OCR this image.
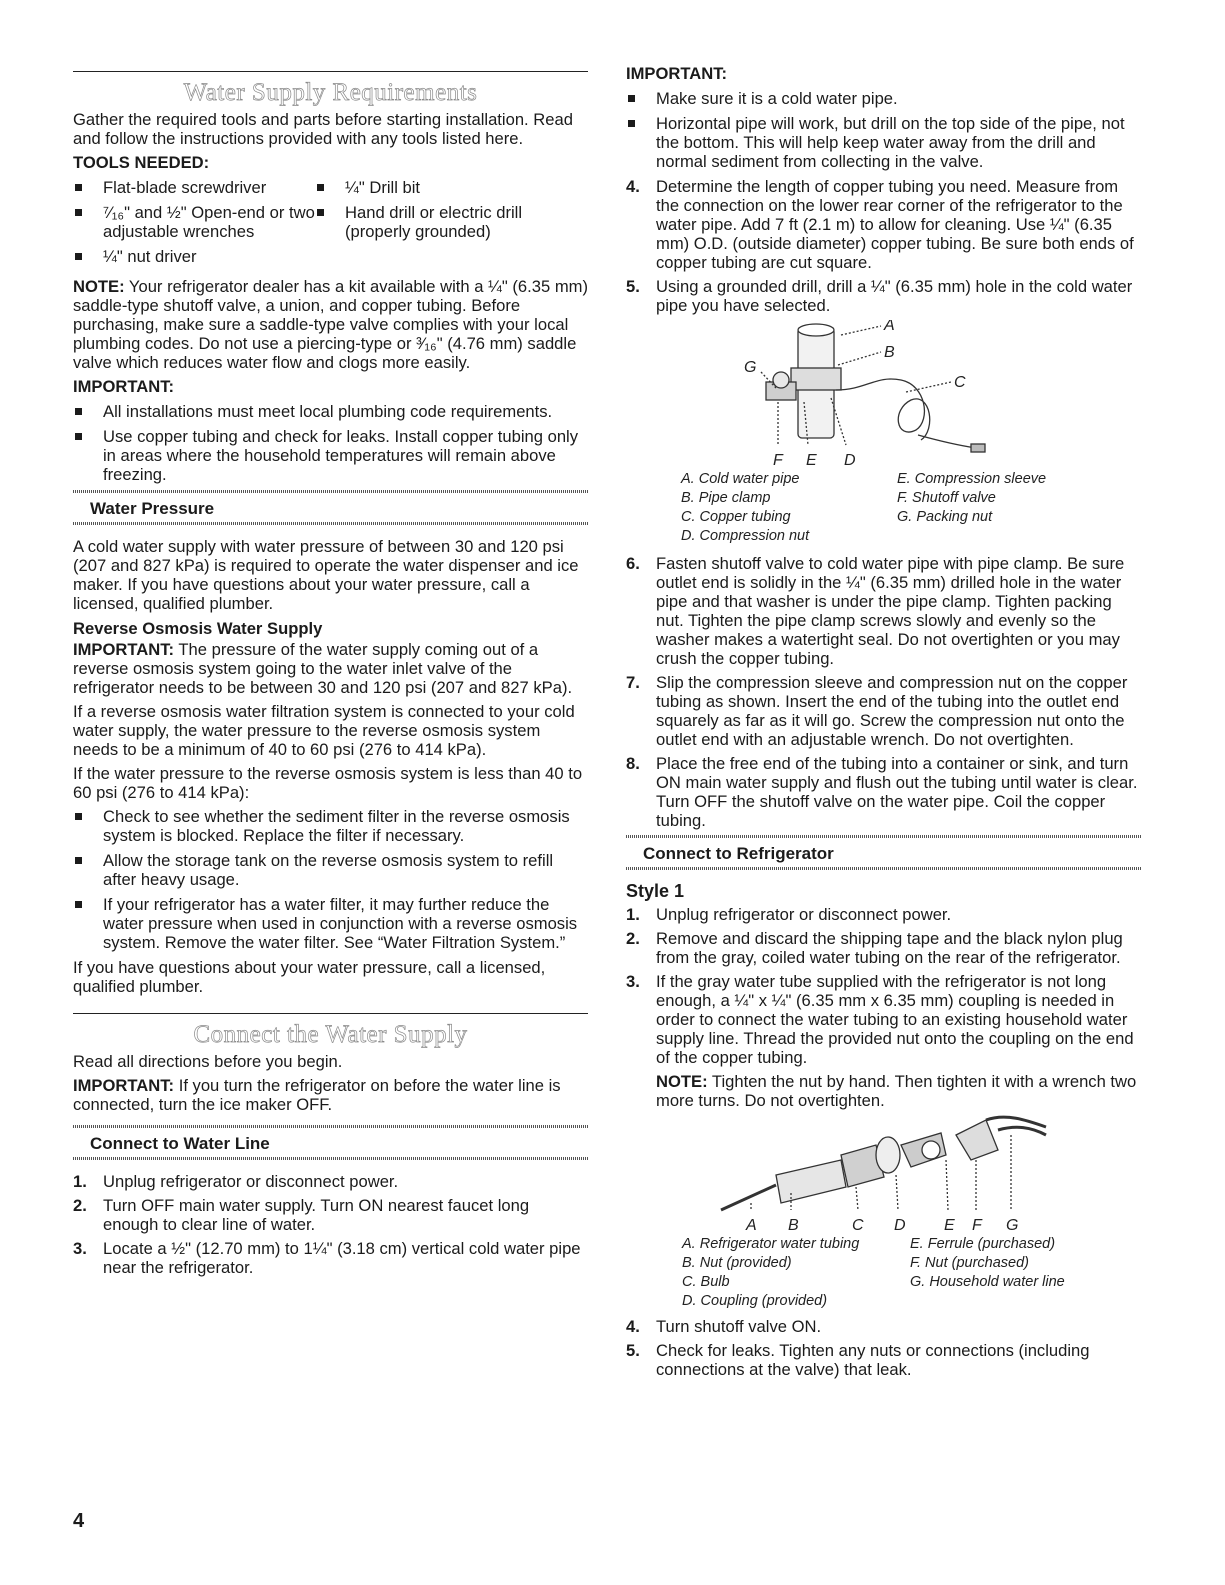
Water Supply Requirements

Gather the required tools and parts before starting installation. Read and follow the instructions provided with any tools listed here.

TOOLS NEEDED:
Flat-blade screwdriver
⁷⁄₁₆" and ½" Open-end or two adjustable wrenches
¼" nut driver
¼" Drill bit
Hand drill or electric drill (properly grounded)

NOTE: Your refrigerator dealer has a kit available with a ¼" (6.35 mm) saddle-type shutoff valve, a union, and copper tubing. Before purchasing, make sure a saddle-type valve complies with your local plumbing codes. Do not use a piercing-type or ³⁄₁₆" (4.76 mm) saddle valve which reduces water flow and clogs more easily.

IMPORTANT:
All installations must meet local plumbing code requirements.
Use copper tubing and check for leaks. Install copper tubing only in areas where the household temperatures will remain above freezing.
Water Pressure

A cold water supply with water pressure of between 30 and 120 psi (207 and 827 kPa) is required to operate the water dispenser and ice maker. If you have questions about your water pressure, call a licensed, qualified plumber.

Reverse Osmosis Water Supply

IMPORTANT: The pressure of the water supply coming out of a reverse osmosis system going to the water inlet valve of the refrigerator needs to be between 30 and 120 psi (207 and 827 kPa).

If a reverse osmosis water filtration system is connected to your cold water supply, the water pressure to the reverse osmosis system needs to be a minimum of 40 to 60 psi (276 to 414 kPa).

If the water pressure to the reverse osmosis system is less than 40 to 60 psi (276 to 414 kPa):

Check to see whether the sediment filter in the reverse osmosis system is blocked. Replace the filter if necessary.
Allow the storage tank on the reverse osmosis system to refill after heavy usage.
If your refrigerator has a water filter, it may further reduce the water pressure when used in conjunction with a reverse osmosis system. Remove the water filter. See “Water Filtration System.”

If you have questions about your water pressure, call a licensed, qualified plumber.

Connect the Water Supply

Read all directions before you begin.

IMPORTANT: If you turn the refrigerator on before the water line is connected, turn the ice maker OFF.

Connect to Water Line
1. Unplug refrigerator or disconnect power.
2. Turn OFF main water supply. Turn ON nearest faucet long enough to clear line of water.
3. Locate a ½" (12.70 mm) to 1¼" (3.18 cm) vertical cold water pipe near the refrigerator.
4
IMPORTANT:
Make sure it is a cold water pipe.
Horizontal pipe will work, but drill on the top side of the pipe, not the bottom. This will help keep water away from the drill and normal sediment from collecting in the valve.
4. Determine the length of copper tubing you need. Measure from the connection on the lower rear corner of the refrigerator to the water pipe. Add 7 ft (2.1 m) to allow for cleaning. Use ¼" (6.35 mm) O.D. (outside diameter) copper tubing. Be sure both ends of copper tubing are cut square.
5. Using a grounded drill, drill a ¼" (6.35 mm) hole in the cold water pipe you have selected.
A
B
C
G
F E D
A. Cold water pipe
B. Pipe clamp
C. Copper tubing
D. Compression nut
E. Compression sleeve
F. Shutoff valve
G. Packing nut
6. Fasten shutoff valve to cold water pipe with pipe clamp. Be sure outlet end is solidly in the ¼" (6.35 mm) drilled hole in the water pipe and that washer is under the pipe clamp. Tighten packing nut. Tighten the pipe clamp screws slowly and evenly so the washer makes a watertight seal. Do not overtighten or you may crush the copper tubing.
7. Slip the compression sleeve and compression nut on the copper tubing as shown. Insert the end of the tubing into the outlet end squarely as far as it will go. Screw the compression nut onto the outlet end with an adjustable wrench. Do not overtighten.
8. Place the free end of the tubing into a container or sink, and turn ON main water supply and flush out the tubing until water is clear. Turn OFF the shutoff valve on the water pipe. Coil the copper tubing.
Connect to Refrigerator
Style 1
1. Unplug refrigerator or disconnect power.
2. Remove and discard the shipping tape and the black nylon plug from the gray, coiled water tubing on the rear of the refrigerator.
3. If the gray water tube supplied with the refrigerator is not long enough, a ¼" x ¼" (6.35 mm x 6.35 mm) coupling is needed in order to connect the water tubing to an existing household water supply line. Thread the provided nut onto the coupling on the end of the copper tubing.

NOTE: Tighten the nut by hand. Then tighten it with a wrench two more turns. Do not overtighten.

A B	C D E F G
A. Refrigerator water tubing
B. Nut (provided)
C. Bulb
D. Coupling (provided)
E. Ferrule (purchased)
F. Nut (purchased)
G. Household water line
4. Turn shutoff valve ON.
5. Check for leaks. Tighten any nuts or connections (including connections at the valve) that leak.
